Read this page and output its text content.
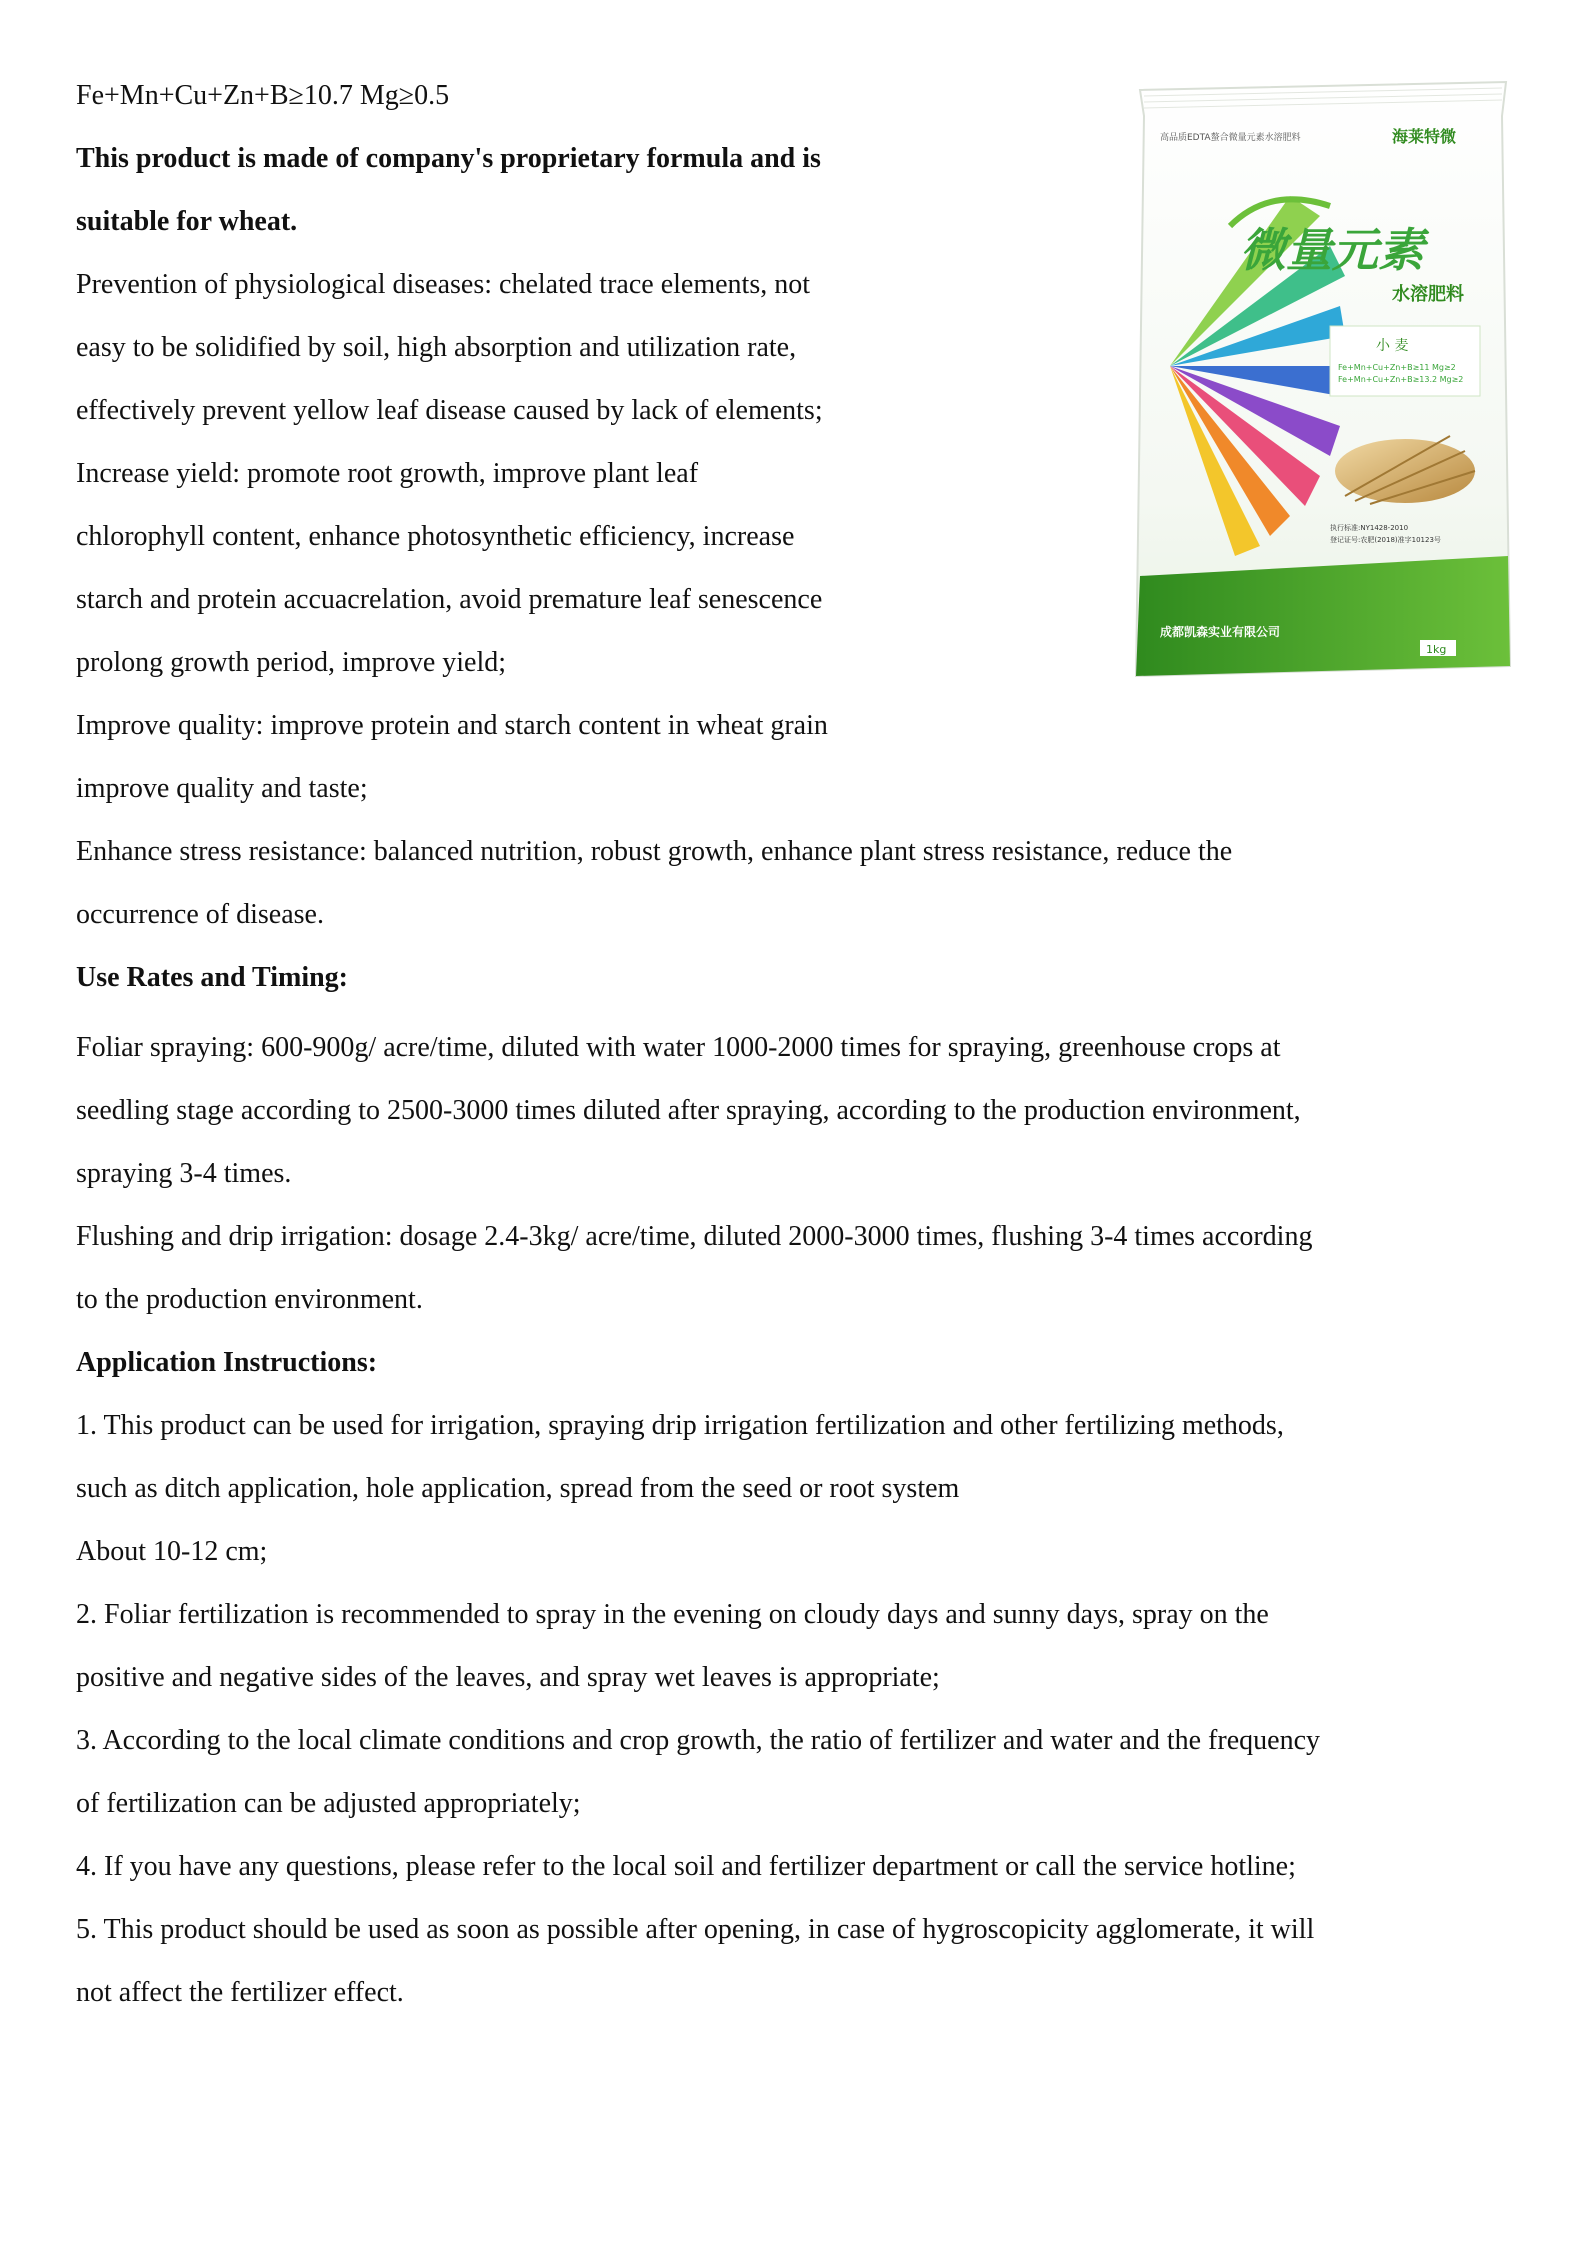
Fe+Mn+Cu+Zn+B≥10.7 Mg≥0.5

This product is made of company's proprietary formula and is

suitable for wheat.

Prevention of physiological diseases: chelated trace elements, not

easy to be solidified by soil, high absorption and utilization rate,

effectively prevent yellow leaf disease caused by lack of elements;

Increase yield: promote root growth, improve plant leaf

chlorophyll content, enhance photosynthetic efficiency, increase

starch and protein accuacrelation, avoid premature leaf senescence

prolong growth period, improve yield;

Improve quality: improve protein and starch content in wheat grain

improve quality and taste;

Enhance stress resistance: balanced nutrition, robust growth, enhance plant stress resistance, reduce the

occurrence of disease.

Use Rates and Timing:

Foliar spraying: 600-900g/ acre/time, diluted with water 1000-2000 times for spraying, greenhouse crops at

seedling stage according to 2500-3000 times diluted after spraying, according to the production environment,

spraying 3-4 times.

Flushing and drip irrigation: dosage 2.4-3kg/ acre/time, diluted 2000-3000 times, flushing 3-4 times according

to the production environment.

Application Instructions:

1. This product can be used for irrigation, spraying drip irrigation fertilization and other fertilizing methods,

such as ditch application, hole application, spread from the seed or root system

About 10-12 cm;

2. Foliar fertilization is recommended to spray in the evening on cloudy days and sunny days, spray on the

positive and negative sides of the leaves, and spray wet leaves is appropriate;

3. According to the local climate conditions and crop growth, the ratio of fertilizer and water and the frequency

of fertilization can be adjusted appropriately;

4. If you have any questions, please refer to the local soil and fertilizer department or call the service hotline;

5. This product should be used as soon as possible after opening, in case of hygroscopicity agglomerate, it will

not affect the fertilizer effect.

高品质EDTA螯合微量元素水溶肥料	海莱特微
微量元素
水溶肥料
小 麦
Fe+Mn+Cu+Zn+B≥11 Mg≥2
Fe+Mn+Cu+Zn+B≥13.2 Mg≥2
执行标准:NY1428-2010
登记证号:农肥(2018)准字10123号
成都凯森实业有限公司
1kg
